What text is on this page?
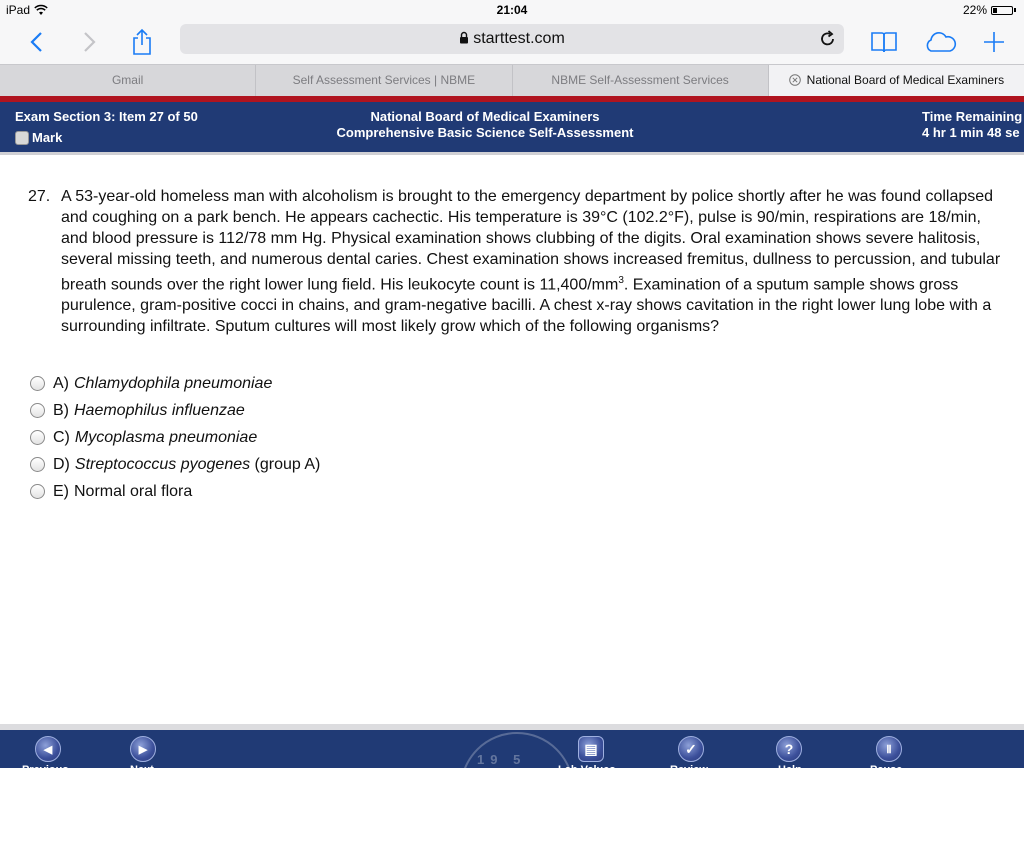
iPad	21:04	22%
starttest.com
Gmail	Self Assessment Services | NBME	NBME Self-Assessment Services	National Board of Medical Examiners
Exam Section 3: Item 27 of 50
Mark
National Board of Medical Examiners
Comprehensive Basic Science Self-Assessment
Time Remaining
4 hr 1 min 48 se
27. A 53-year-old homeless man with alcoholism is brought to the emergency department by police shortly after he was found collapsed and coughing on a park bench. He appears cachectic. His temperature is 39°C (102.2°F), pulse is 90/min, respirations are 18/min, and blood pressure is 112/78 mm Hg. Physical examination shows clubbing of the digits. Oral examination shows severe halitosis, several missing teeth, and numerous dental caries. Chest examination shows increased fremitus, dullness to percussion, and tubular breath sounds over the right lower lung field. His leukocyte count is $11,400/mm^3$. Examination of a sputum sample shows gross purulence, gram-positive cocci in chains, and gram-negative bacilli. A chest x-ray shows cavitation in the right lower lung lobe with a surrounding infiltrate. Sputum cultures will most likely grow which of the following organisms?
A) Chlamydophila pneumoniae
B) Haemophilus influenzae
C) Mycoplasma pneumoniae
D) Streptococcus pyogenes (group A)
E) Normal oral flora
19 5
◀
Previous
▶
Next
▤
Lab Values
✓
Review
?
Help
Ⅱ
Pause
